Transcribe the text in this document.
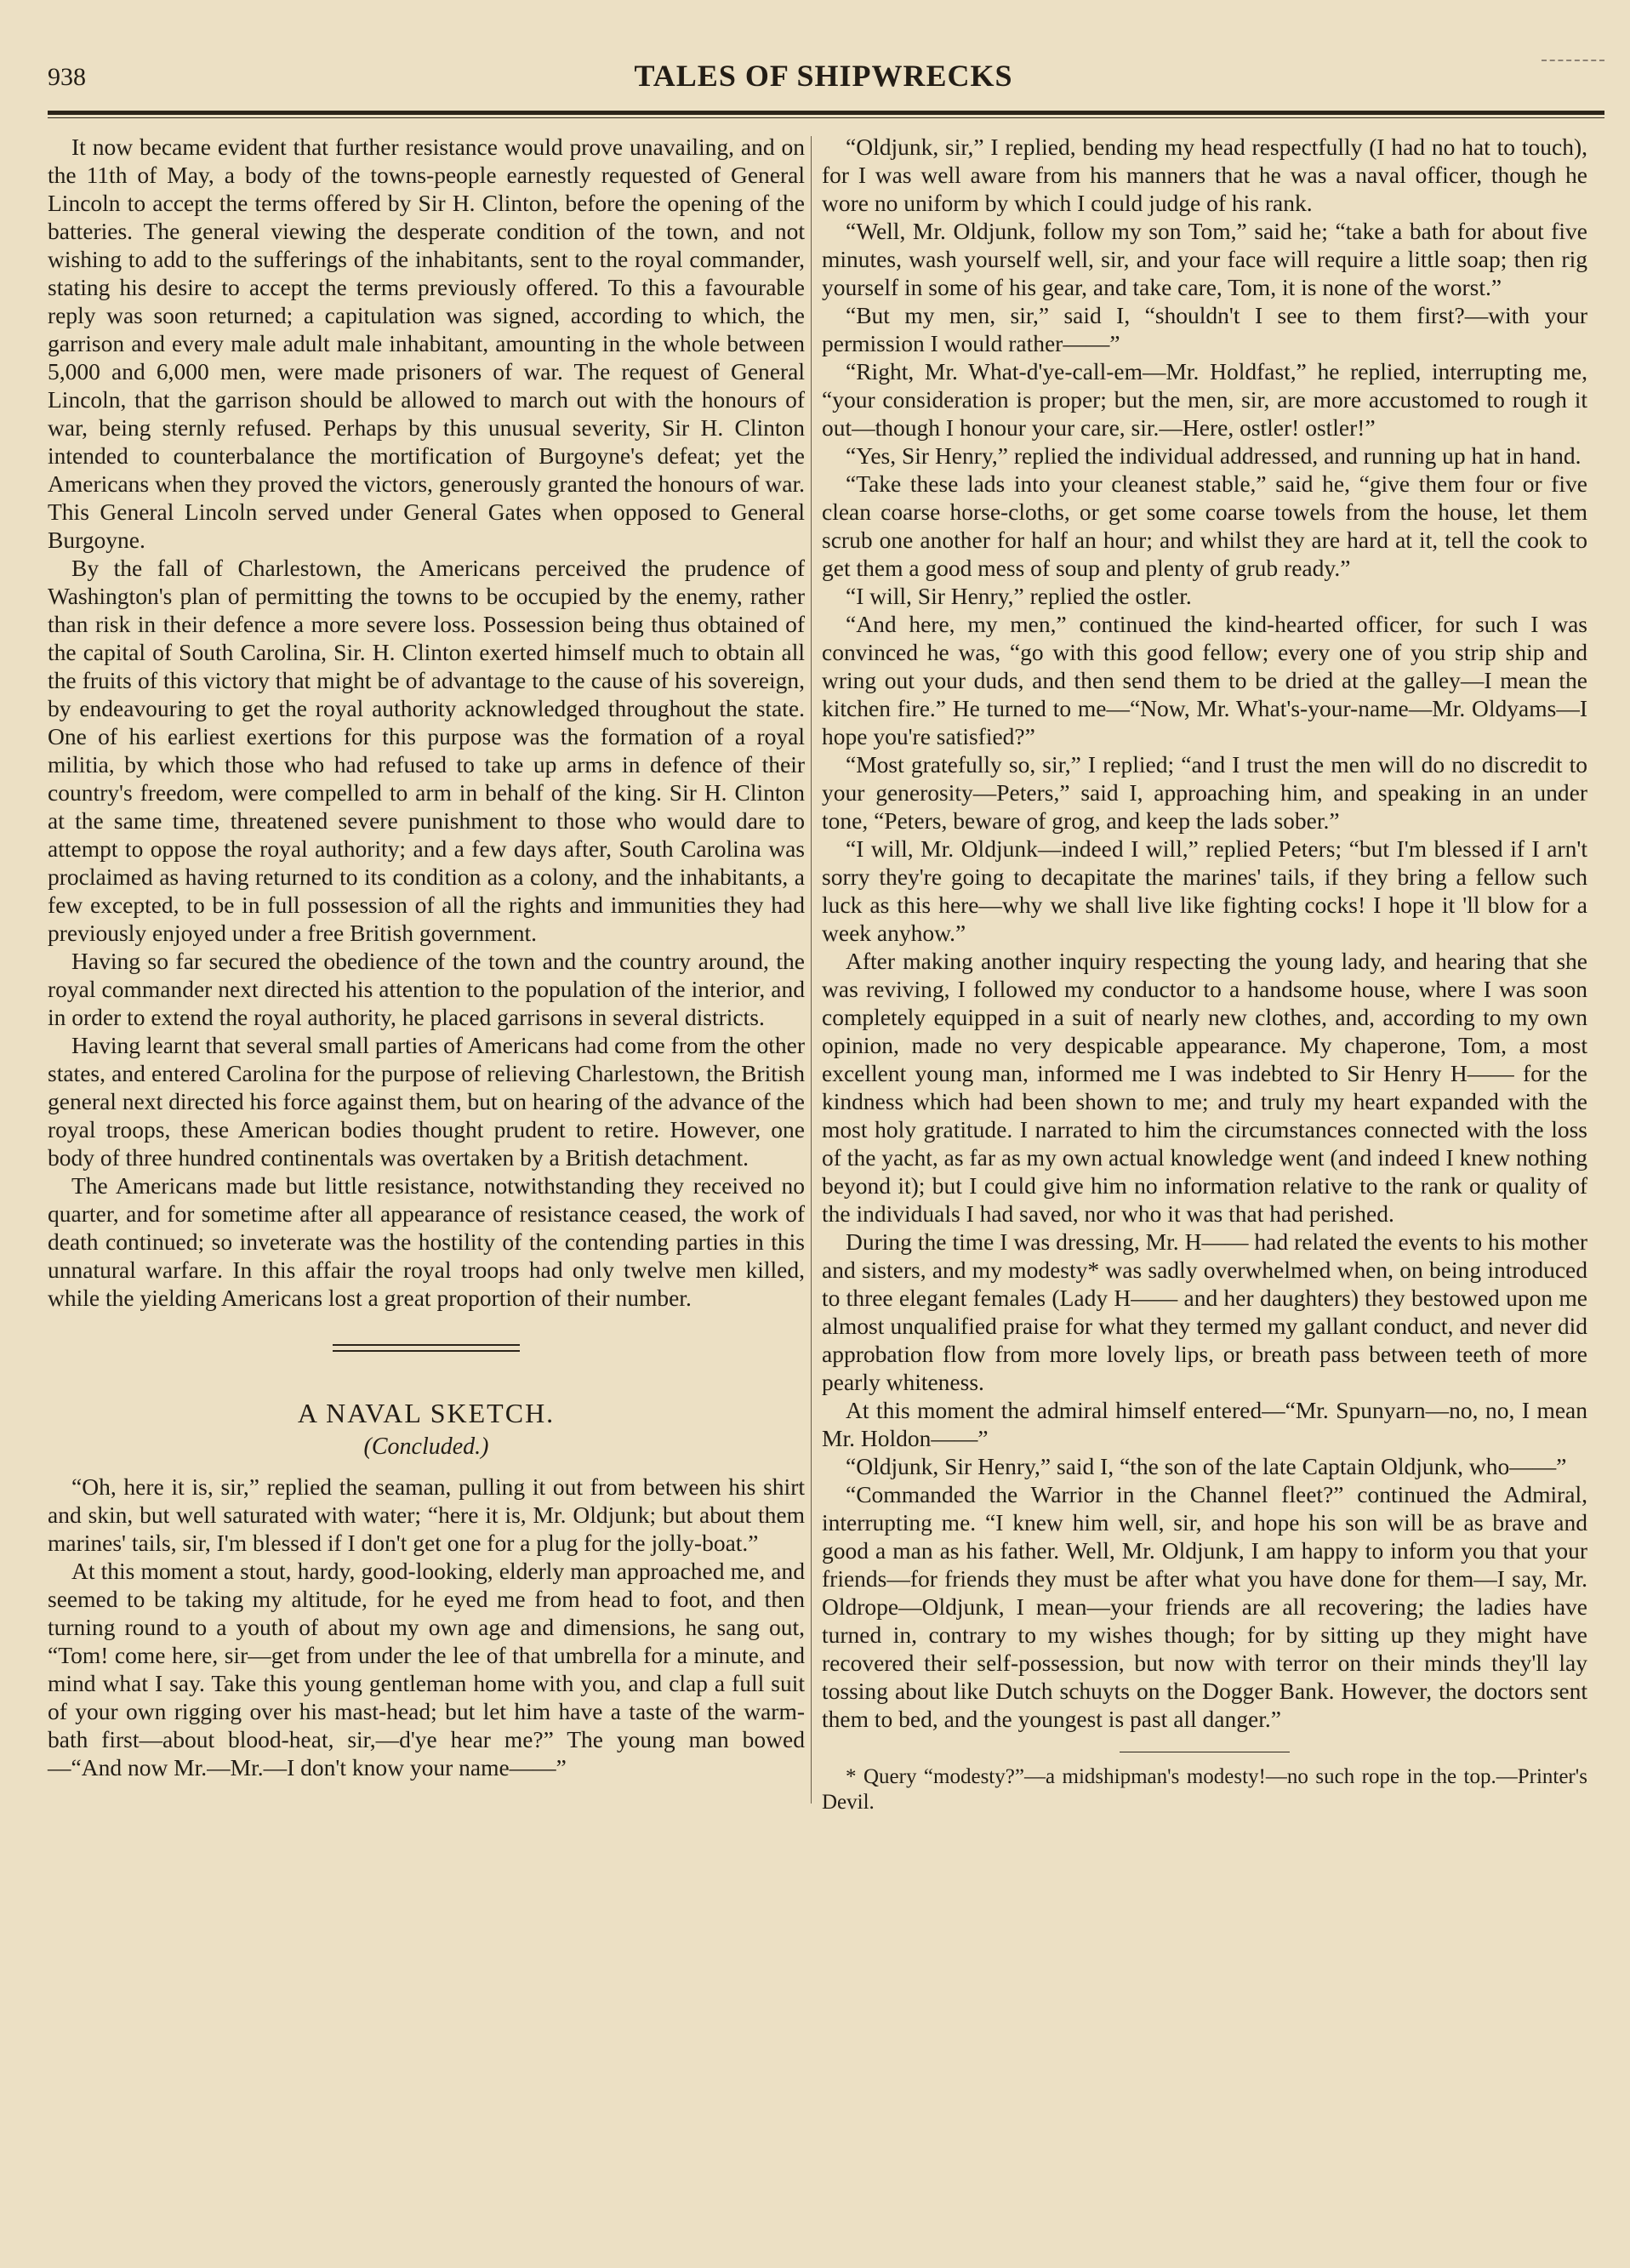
938	TALES OF SHIPWRECKS

It now became evident that further resistance would prove unavailing, and on the 11th of May, a body of the towns-people earnestly requested of General Lincoln to accept the terms offered by Sir H. Clinton, before the opening of the batteries. The general viewing the desperate condition of the town, and not wishing to add to the sufferings of the inhabitants, sent to the royal commander, stating his desire to accept the terms previously offered. To this a favourable reply was soon returned; a capitulation was signed, according to which, the garrison and every male adult male inhabitant, amounting in the whole between 5,000 and 6,000 men, were made prisoners of war. The request of General Lincoln, that the garrison should be allowed to march out with the honours of war, being sternly refused. Perhaps by this unusual severity, Sir H. Clinton intended to counterbalance the mortification of Burgoyne's defeat; yet the Americans when they proved the victors, generously granted the honours of war. This General Lincoln served under General Gates when opposed to General Burgoyne.

By the fall of Charlestown, the Americans perceived the prudence of Washington's plan of permitting the towns to be occupied by the enemy, rather than risk in their defence a more severe loss. Possession being thus obtained of the capital of South Carolina, Sir. H. Clinton exerted himself much to obtain all the fruits of this victory that might be of advantage to the cause of his sovereign, by endeavouring to get the royal authority acknowledged throughout the state. One of his earliest exertions for this purpose was the formation of a royal militia, by which those who had refused to take up arms in defence of their country's freedom, were compelled to arm in behalf of the king. Sir H. Clinton at the same time, threatened severe punishment to those who would dare to attempt to oppose the royal authority; and a few days after, South Carolina was proclaimed as having returned to its condition as a colony, and the inhabitants, a few excepted, to be in full possession of all the rights and immunities they had previously enjoyed under a free British government.

Having so far secured the obedience of the town and the country around, the royal commander next directed his attention to the population of the interior, and in order to extend the royal authority, he placed garrisons in several districts.

Having learnt that several small parties of Americans had come from the other states, and entered Carolina for the purpose of relieving Charlestown, the British general next directed his force against them, but on hearing of the advance of the royal troops, these American bodies thought prudent to retire. However, one body of three hundred continentals was overtaken by a British detachment.

The Americans made but little resistance, notwithstanding they received no quarter, and for sometime after all appearance of resistance ceased, the work of death continued; so inveterate was the hostility of the contending parties in this unnatural warfare. In this affair the royal troops had only twelve men killed, while the yielding Americans lost a great proportion of their number.

A NAVAL SKETCH.
(Concluded.)

“Oh, here it is, sir,” replied the seaman, pulling it out from between his shirt and skin, but well saturated with water; “here it is, Mr. Oldjunk; but about them marines' tails, sir, I'm blessed if I don't get one for a plug for the jolly-boat.”

At this moment a stout, hardy, good-looking, elderly man approached me, and seemed to be taking my altitude, for he eyed me from head to foot, and then turning round to a youth of about my own age and dimensions, he sang out, “Tom! come here, sir—get from under the lee of that umbrella for a minute, and mind what I say. Take this young gentleman home with you, and clap a full suit of your own rigging over his mast-head; but let him have a taste of the warm-bath first—about blood-heat, sir,—d'ye hear me?” The young man bowed—“And now Mr.—Mr.—I don't know your name——”

“Oldjunk, sir,” I replied, bending my head respectfully (I had no hat to touch), for I was well aware from his manners that he was a naval officer, though he wore no uniform by which I could judge of his rank.

“Well, Mr. Oldjunk, follow my son Tom,” said he; “take a bath for about five minutes, wash yourself well, sir, and your face will require a little soap; then rig yourself in some of his gear, and take care, Tom, it is none of the worst.”

“But my men, sir,” said I, “shouldn't I see to them first?—with your permission I would rather——”

“Right, Mr. What-d'ye-call-em—Mr. Holdfast,” he replied, interrupting me, “your consideration is proper; but the men, sir, are more accustomed to rough it out—though I honour your care, sir.—Here, ostler! ostler!”

“Yes, Sir Henry,” replied the individual addressed, and running up hat in hand.

“Take these lads into your cleanest stable,” said he, “give them four or five clean coarse horse-cloths, or get some coarse towels from the house, let them scrub one another for half an hour; and whilst they are hard at it, tell the cook to get them a good mess of soup and plenty of grub ready.”

“I will, Sir Henry,” replied the ostler.

“And here, my men,” continued the kind-hearted officer, for such I was convinced he was, “go with this good fellow; every one of you strip ship and wring out your duds, and then send them to be dried at the galley—I mean the kitchen fire.” He turned to me—“Now, Mr. What's-your-name—Mr. Oldyams—I hope you're satisfied?”

“Most gratefully so, sir,” I replied; “and I trust the men will do no discredit to your generosity—Peters,” said I, approaching him, and speaking in an under tone, “Peters, beware of grog, and keep the lads sober.”

“I will, Mr. Oldjunk—indeed I will,” replied Peters; “but I'm blessed if I arn't sorry they're going to decapitate the marines' tails, if they bring a fellow such luck as this here—why we shall live like fighting cocks! I hope it 'll blow for a week anyhow.”

After making another inquiry respecting the young lady, and hearing that she was reviving, I followed my conductor to a handsome house, where I was soon completely equipped in a suit of nearly new clothes, and, according to my own opinion, made no very despicable appearance. My chaperone, Tom, a most excellent young man, informed me I was indebted to Sir Henry H—— for the kindness which had been shown to me; and truly my heart expanded with the most holy gratitude. I narrated to him the circumstances connected with the loss of the yacht, as far as my own actual knowledge went (and indeed I knew nothing beyond it); but I could give him no information relative to the rank or quality of the individuals I had saved, nor who it was that had perished.

During the time I was dressing, Mr. H—— had related the events to his mother and sisters, and my modesty* was sadly overwhelmed when, on being introduced to three elegant females (Lady H—— and her daughters) they bestowed upon me almost unqualified praise for what they termed my gallant conduct, and never did approbation flow from more lovely lips, or breath pass between teeth of more pearly whiteness.

At this moment the admiral himself entered—“Mr. Spunyarn—no, no, I mean Mr. Holdon——”

“Oldjunk, Sir Henry,” said I, “the son of the late Captain Oldjunk, who——”

“Commanded the Warrior in the Channel fleet?” continued the Admiral, interrupting me. “I knew him well, sir, and hope his son will be as brave and good a man as his father. Well, Mr. Oldjunk, I am happy to inform you that your friends—for friends they must be after what you have done for them—I say, Mr. Oldrope—Oldjunk, I mean—your friends are all recovering; the ladies have turned in, contrary to my wishes though; for by sitting up they might have recovered their self-possession, but now with terror on their minds they'll lay tossing about like Dutch schuyts on the Dogger Bank. However, the doctors sent them to bed, and the youngest is past all danger.”

* Query “modesty?”—a midshipman's modesty!—no such rope in the top.—Printer's Devil.
